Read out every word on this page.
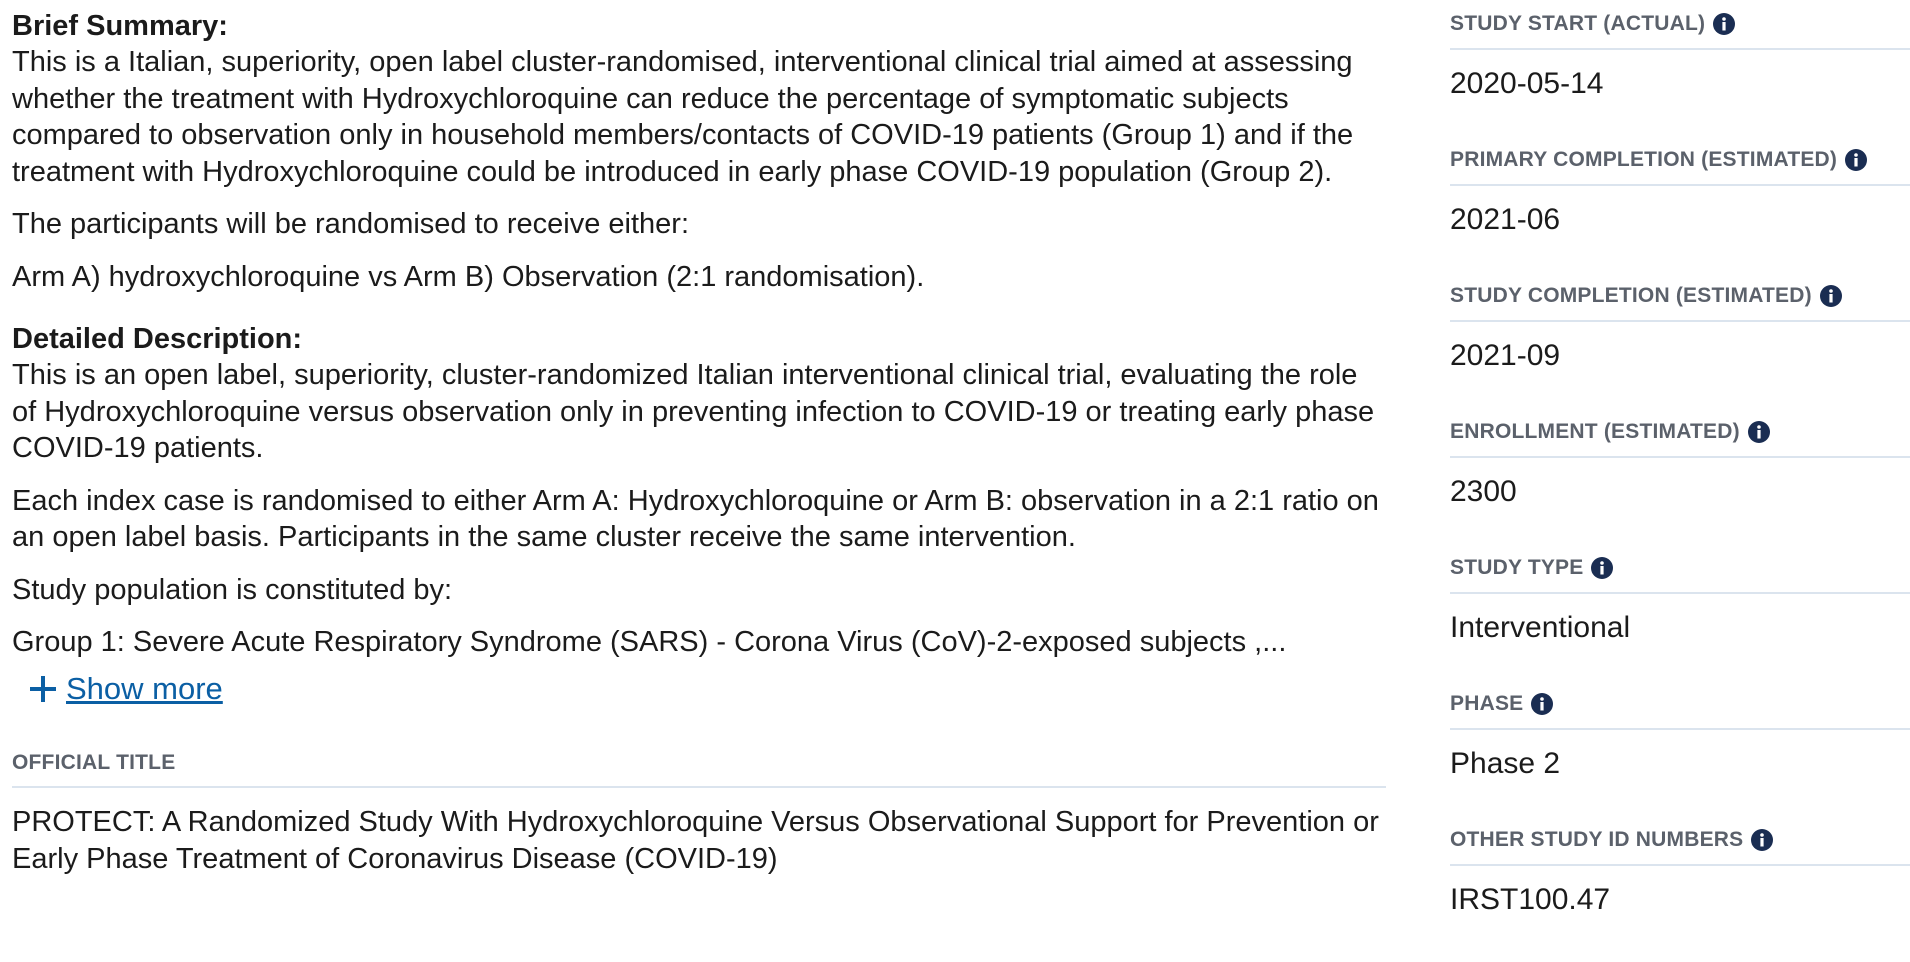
Brief Summary:

This is a Italian, superiority, open label cluster-randomised, interventional clinical trial aimed at assessing whether the treatment with Hydroxychloroquine can reduce the percentage of symptomatic subjects compared to observation only in household members/contacts of COVID-19 patients (Group 1) and if the treatment with Hydroxychloroquine could be introduced in early phase COVID-19 population (Group 2).

The participants will be randomised to receive either:

Arm A) hydroxychloroquine vs Arm B) Observation (2:1 randomisation).

Detailed Description:

This is an open label, superiority, cluster-randomized Italian interventional clinical trial, evaluating the role of Hydroxychloroquine versus observation only in preventing infection to COVID-19 or treating early phase COVID-19 patients.

Each index case is randomised to either Arm A: Hydroxychloroquine or Arm B: observation in a 2:1 ratio on an open label basis. Participants in the same cluster receive the same intervention.

Study population is constituted by:

Group 1: Severe Acute Respiratory Syndrome (SARS) - Corona Virus (CoV)-2-exposed subjects ,...

Show more
OFFICIAL TITLE
PROTECT: A Randomized Study With Hydroxychloroquine Versus Observational Support for Prevention or Early Phase Treatment of Coronavirus Disease (COVID-19)
STUDY START (ACTUAL)
2020-05-14
PRIMARY COMPLETION (ESTIMATED)
2021-06
STUDY COMPLETION (ESTIMATED)
2021-09
ENROLLMENT (ESTIMATED)
2300
STUDY TYPE
Interventional
PHASE
Phase 2
OTHER STUDY ID NUMBERS
IRST100.47
